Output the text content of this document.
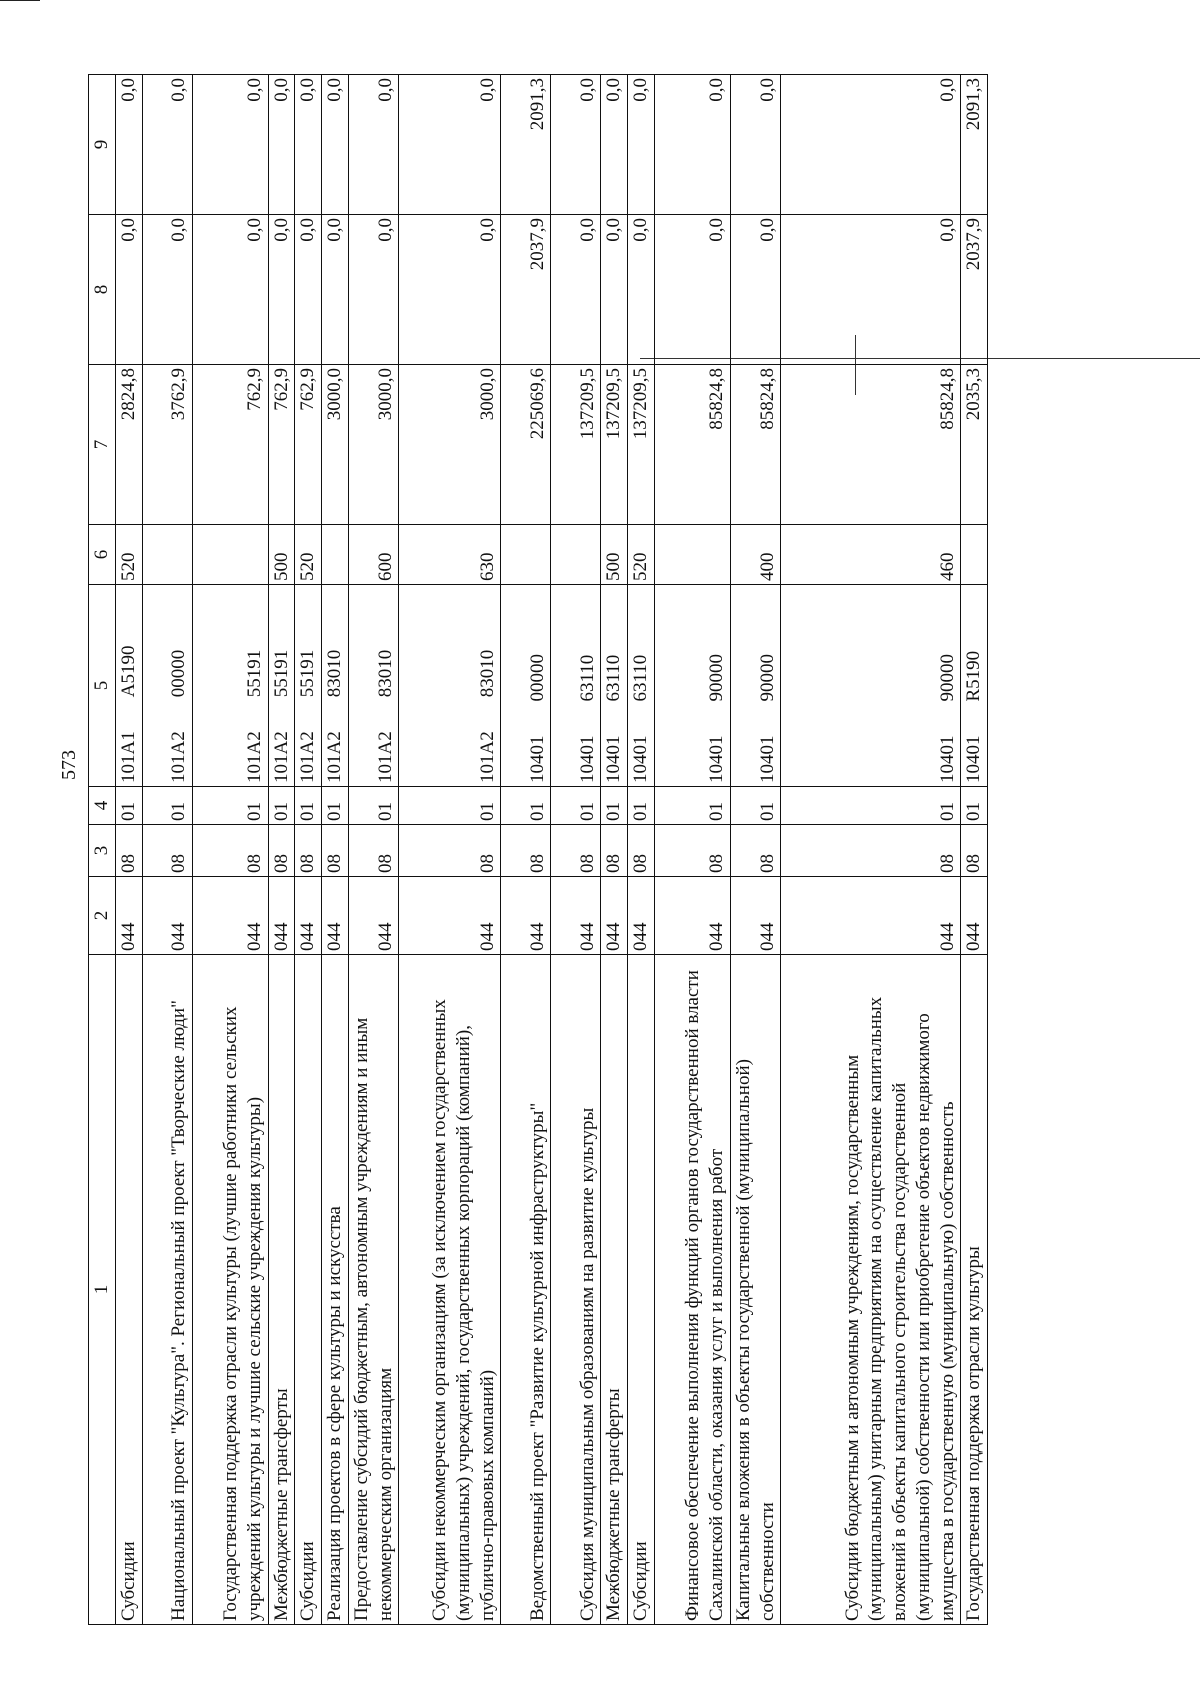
573
1	2	3	4	5	6	7	8	9
Субсидии	044	08	01	101A1A5190	520	2824,8	0,0	0,0
Национальный проект "Культура". Региональный проект "Творческие люди"	044	08	01	101A200000		3762,9	0,0	0,0
Государственная поддержка отрасли культуры (лучшие работники сельских учреждений культуры и лучшие сельские учреждения культуры)	044	08	01	101A255191		762,9	0,0	0,0
Межбюджетные трансферты	044	08	01	101A255191	500	762,9	0,0	0,0
Субсидии	044	08	01	101A255191	520	762,9	0,0	0,0
Реализация проектов в сфере культуры и искусства	044	08	01	101A283010		3000,0	0,0	0,0
Предоставление субсидий бюджетным, автономным учреждениям и иным некоммерческим организациям	044	08	01	101A283010	600	3000,0	0,0	0,0
Субсидии некоммерческим организациям (за исключением государственных (муниципальных) учреждений, государственных корпораций (компаний), публично-правовых компаний)	044	08	01	101A283010	630	3000,0	0,0	0,0
Ведомственный проект "Развитие культурной инфраструктуры"	044	08	01	1040100000		225069,6	2037,9	2091,3
Субсидия муниципальным образованиям на развитие культуры	044	08	01	1040163110		137209,5	0,0	0,0
Межбюджетные трансферты	044	08	01	1040163110	500	137209,5	0,0	0,0
Субсидии	044	08	01	1040163110	520	137209,5	0,0	0,0
Финансовое обеспечение выполнения функций органов государственной власти Сахалинской области, оказания услуг и выполнения работ	044	08	01	1040190000		85824,8	0,0	0,0
Капитальные вложения в объекты государственной (муниципальной) собственности	044	08	01	1040190000	400	85824,8	0,0	0,0
Субсидии бюджетным и автономным учреждениям, государственным (муниципальным) унитарным предприятиям на осуществление капитальных вложений в объекты капитального строительства государственной (муниципальной) собственности или приобретение объектов недвижимого имущества в государственную (муниципальную) собственность	044	08	01	1040190000	460	85824,8	0,0	0,0
Государственная поддержка отрасли культуры	044	08	01	10401R5190		2035,3	2037,9	2091,3
